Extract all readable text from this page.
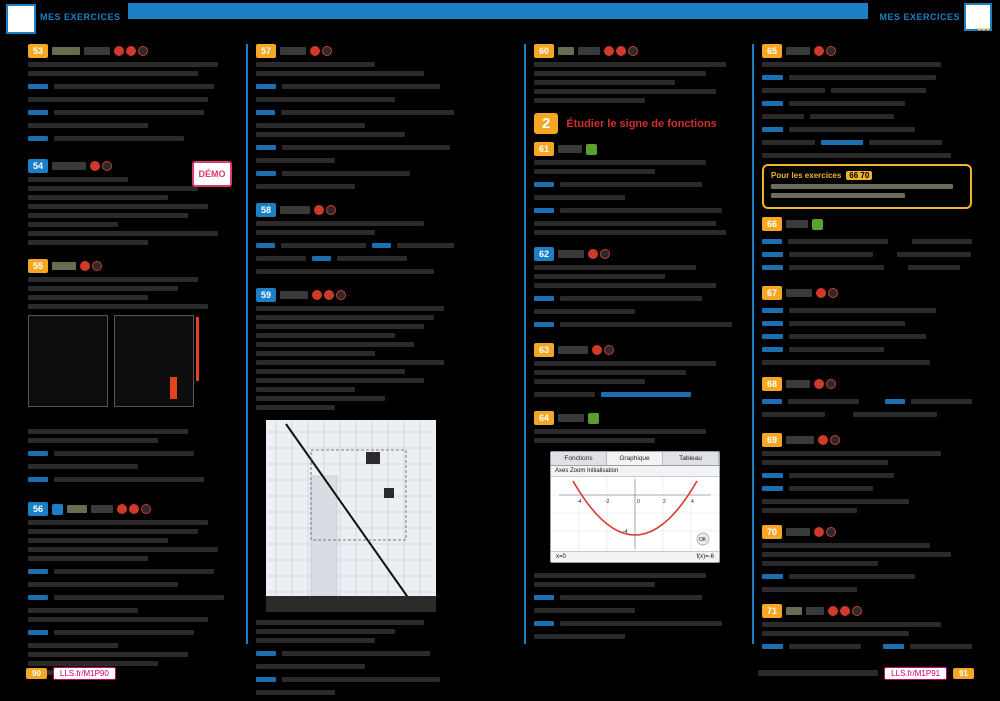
MES EXERCICES	MES EXERCICES
●●●
53
54
DÉMO
55
56
57
58
59
60
2	Étudier le signe de fonctions
61
62
63
64
Fonctions	Graphique	Tableau
Axes Zoom Initialisation
-4	-2	0	2	4
-4
OK
x=0	f(x)=-6
65
Pour les exercices	66 70
66
67
68
69
70
71
90	LLS.fr/M1P90	LLS.fr/M1P91	91
